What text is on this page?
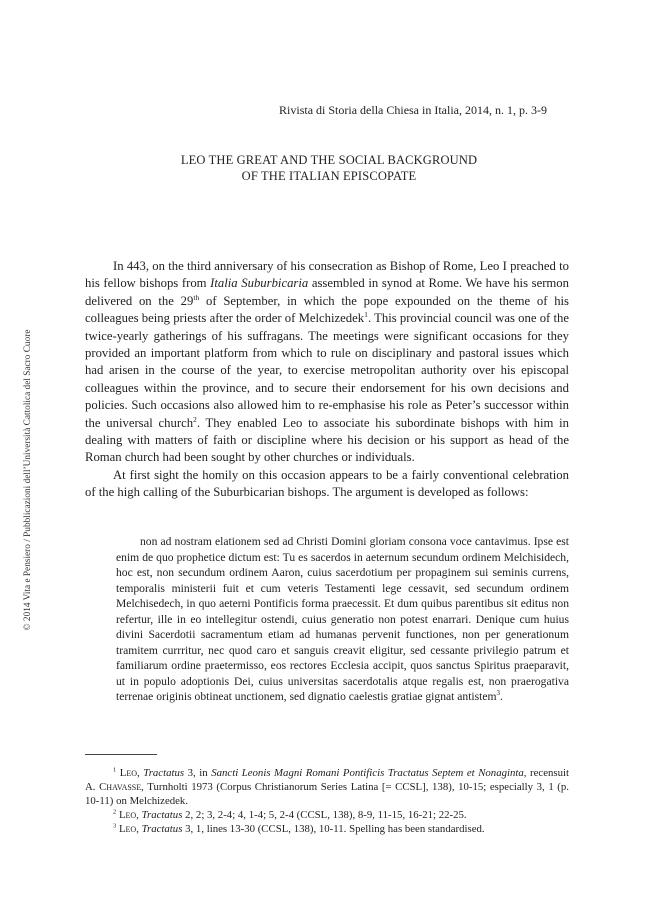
Rivista di Storia della Chiesa in Italia, 2014, n. 1, p. 3-9
LEO THE GREAT AND THE SOCIAL BACKGROUND
OF THE ITALIAN EPISCOPATE

In 443, on the third anniversary of his consecration as Bishop of Rome, Leo I preached to his fellow bishops from Italia Suburbicaria assembled in synod at Rome. We have his sermon delivered on the 29th of September, in which the pope expounded on the theme of his colleagues being priests after the order of Melchizedek$^1$. This provincial council was one of the twice-yearly gatherings of his suffragans. The meetings were significant occasions for they provided an important platform from which to rule on disciplinary and pastoral issues which had arisen in the course of the year, to exercise metropolitan authority over his episcopal colleagues within the province, and to secure their endorsement for his own decisions and policies. Such occasions also allowed him to re-emphasise his role as Peter’s successor within the universal church$^2$. They enabled Leo to associate his subordinate bishops with him in dealing with matters of faith or discipline where his decision or his support as head of the Roman church had been sought by other churches or individuals.

At first sight the homily on this occasion appears to be a fairly conventional celebration of the high calling of the Suburbicarian bishops. The argument is developed as follows:

non ad nostram elationem sed ad Christi Domini gloriam consona voce cantavimus. Ipse est enim de quo prophetice dictum est: Tu es sacerdos in aeternum secundum ordinem Melchisidech, hoc est, non secundum ordinem Aaron, cuius sacerdotium per propaginem sui seminis currens, temporalis ministerii fuit et cum veteris Testamenti lege cessavit, sed secundum ordinem Melchisedech, in quo aeterni Pontificis forma praecessit. Et dum quibus parentibus sit editus non refertur, ille in eo intellegitur ostendi, cuius generatio non potest enarrari. Denique cum huius divini Sacerdotii sacramentum etiam ad humanas pervenit functiones, non per generationum tramitem currritur, nec quod caro et sanguis creavit eligitur, sed cessante privilegio patrum et familiarum ordine praetermisso, eos rectores Ecclesia accipit, quos sanctus Spiritus praeparavit, ut in populo adoptionis Dei, cuius universitas sacerdotalis atque regalis est, non praerogativa terrenae originis obtineat unctionem, sed dignatio caelestis gratiae gignat antistem$^3$.

$^1$ Leo, Tractatus 3, in Sancti Leonis Magni Romani Pontificis Tractatus Septem et Nonaginta, recensuit A. Chavasse, Turnholti 1973 (Corpus Christianorum Series Latina [= CCSL], 138), 10-15; especially 3, 1 (p. 10-11) on Melchizedek.

$^2$ Leo, Tractatus 2, 2; 3, 2-4; 4, 1-4; 5, 2-4 (CCSL, 138), 8-9, 11-15, 16-21; 22-25.

$^3$ Leo, Tractatus 3, 1, lines 13-30 (CCSL, 138), 10-11. Spelling has been standardised.

© 2014 Vita e Pensiero / Pubblicazioni dell’Università Cattolica del Sacro Cuore
